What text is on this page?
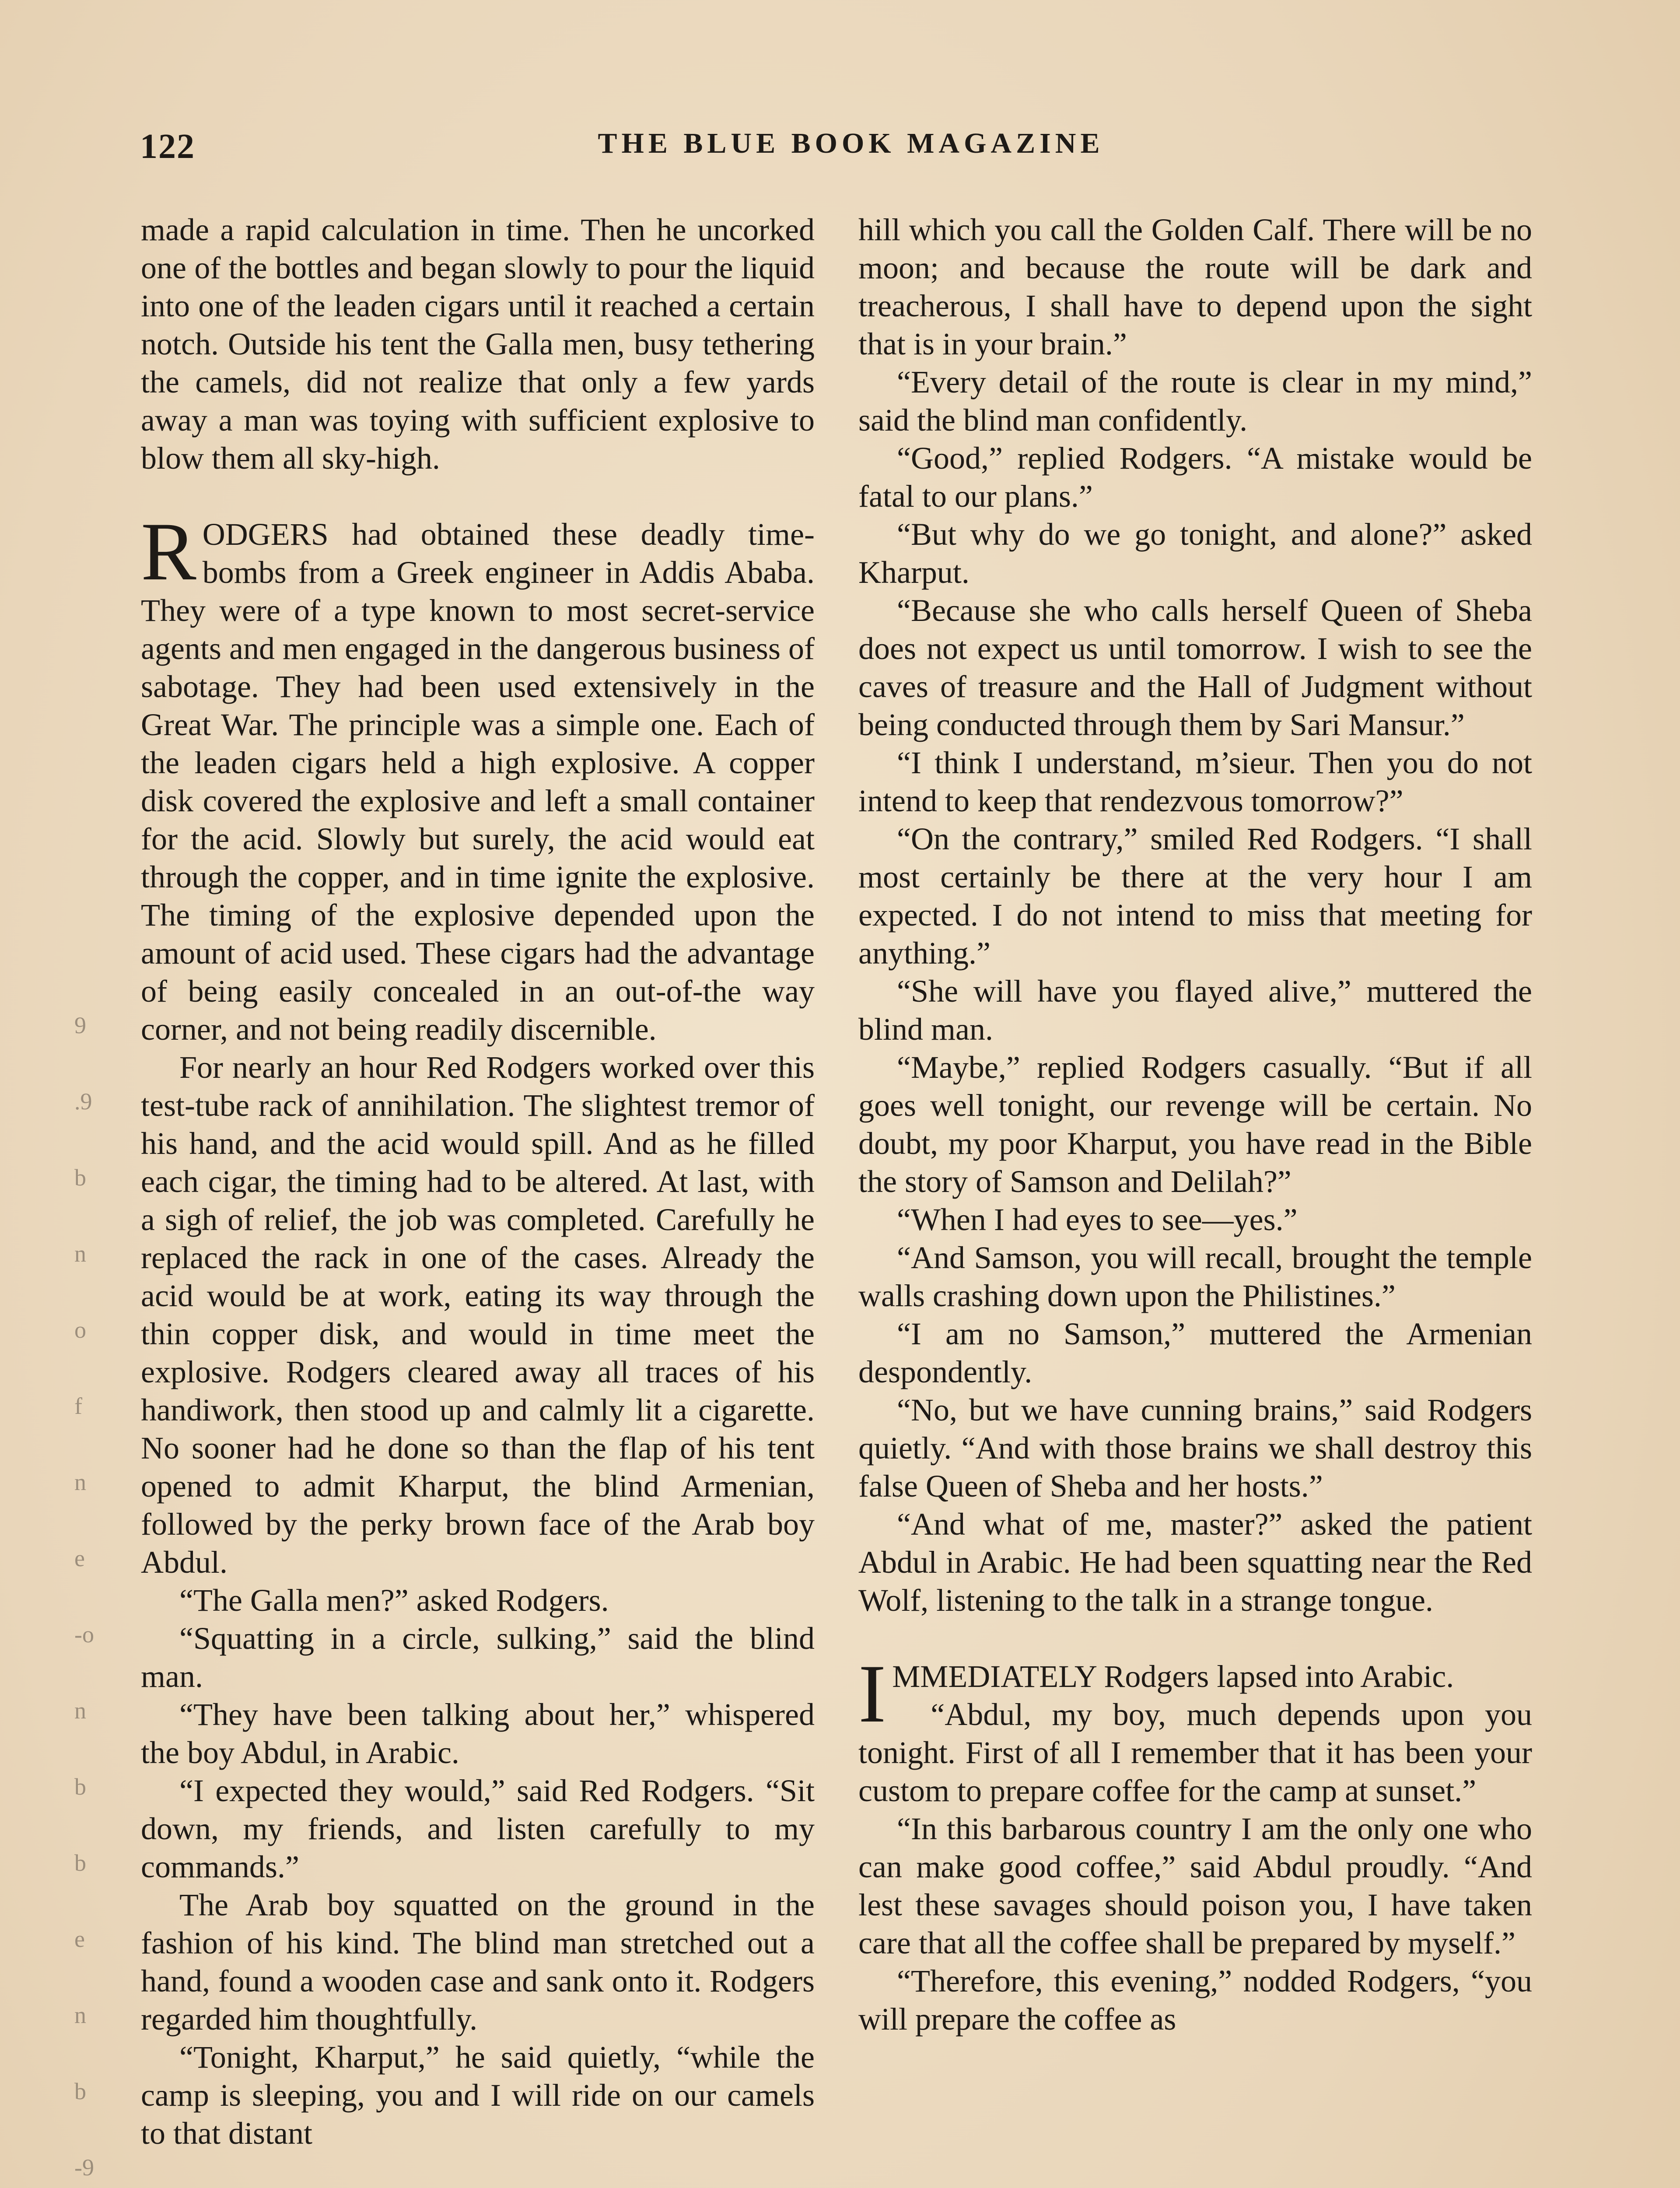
122	THE BLUE BOOK MAGAZINE
9
.9
b
n
o
f
n
e
-o
n
b
b
e
n
b
-9

made a rapid calculation in time. Then he uncorked one of the bottles and began slowly to pour the liquid into one of the leaden cigars until it reached a certain notch. Outside his tent the Galla men, busy tethering the camels, did not realize that only a few yards away a man was toying with sufficient explosive to blow them all sky-high.

RODGERS had obtained these deadly time-bombs from a Greek engineer in Addis Ababa. They were of a type known to most secret-service agents and men engaged in the dangerous business of sabotage. They had been used extensively in the Great War. The principle was a simple one. Each of the leaden cigars held a high explosive. A copper disk covered the explosive and left a small container for the acid. Slowly but surely, the acid would eat through the copper, and in time ignite the explosive. The timing of the explosive depended upon the amount of acid used. These cigars had the advantage of being easily concealed in an out-of-the way corner, and not being readily discernible.

For nearly an hour Red Rodgers worked over this test-tube rack of annihilation. The slightest tremor of his hand, and the acid would spill. And as he filled each cigar, the timing had to be altered. At last, with a sigh of relief, the job was completed. Carefully he replaced the rack in one of the cases. Already the acid would be at work, eating its way through the thin copper disk, and would in time meet the explosive. Rodgers cleared away all traces of his handiwork, then stood up and calmly lit a cigarette. No sooner had he done so than the flap of his tent opened to admit Kharput, the blind Armenian, followed by the perky brown face of the Arab boy Abdul.

“The Galla men?” asked Rodgers.

“Squatting in a circle, sulking,” said the blind man.

“They have been talking about her,” whispered the boy Abdul, in Arabic.

“I expected they would,” said Red Rodgers. “Sit down, my friends, and listen carefully to my commands.”

The Arab boy squatted on the ground in the fashion of his kind. The blind man stretched out a hand, found a wooden case and sank onto it. Rodgers regarded him thoughtfully.

“Tonight, Kharput,” he said quietly, “while the camp is sleeping, you and I will ride on our camels to that distant

hill which you call the Golden Calf. There will be no moon; and because the route will be dark and treacherous, I shall have to depend upon the sight that is in your brain.”

“Every detail of the route is clear in my mind,” said the blind man confidently.

“Good,” replied Rodgers. “A mistake would be fatal to our plans.”

“But why do we go tonight, and alone?” asked Kharput.

“Because she who calls herself Queen of Sheba does not expect us until tomorrow. I wish to see the caves of treasure and the Hall of Judgment without being conducted through them by Sari Mansur.”

“I think I understand, m’sieur. Then you do not intend to keep that rendezvous tomorrow?”

“On the contrary,” smiled Red Rodgers. “I shall most certainly be there at the very hour I am expected. I do not intend to miss that meeting for anything.”

“She will have you flayed alive,” muttered the blind man.

“Maybe,” replied Rodgers casually. “But if all goes well tonight, our revenge will be certain. No doubt, my poor Kharput, you have read in the Bible the story of Samson and Delilah?”

“When I had eyes to see—yes.”

“And Samson, you will recall, brought the temple walls crashing down upon the Philistines.”

“I am no Samson,” muttered the Armenian despondently.

“No, but we have cunning brains,” said Rodgers quietly. “And with those brains we shall destroy this false Queen of Sheba and her hosts.”

“And what of me, master?” asked the patient Abdul in Arabic. He had been squatting near the Red Wolf, listening to the talk in a strange tongue.

IMMEDIATELY Rodgers lapsed into Arabic.

“Abdul, my boy, much depends upon you tonight. First of all I remember that it has been your custom to prepare coffee for the camp at sunset.”

“In this barbarous country I am the only one who can make good coffee,” said Abdul proudly. “And lest these savages should poison you, I have taken care that all the coffee shall be prepared by myself.”

“Therefore, this evening,” nodded Rodgers, “you will prepare the coffee as
